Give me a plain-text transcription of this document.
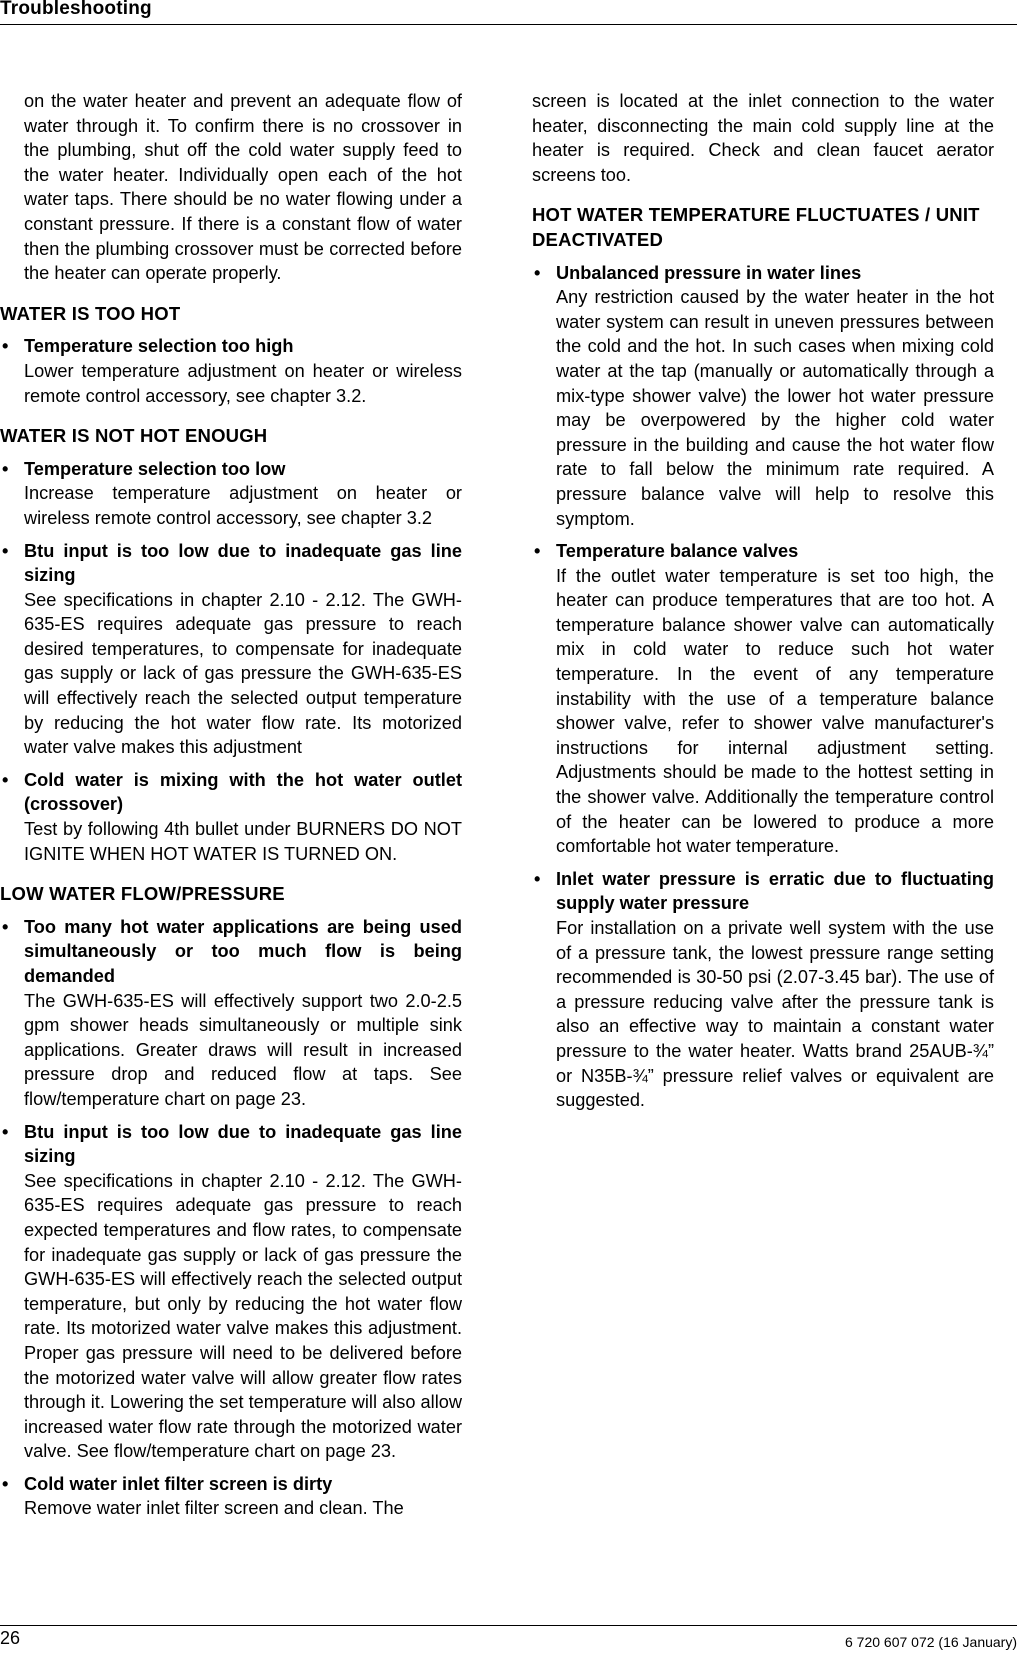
Troubleshooting

on the water heater and prevent an adequate flow of water through it. To confirm there is no crossover in the plumbing, shut off the cold water supply feed to the water heater. Individually open each of the hot water taps. There should be no water flowing under a constant pressure. If there is a constant flow of water then the plumbing crossover must be corrected before the heater can operate properly.

WATER IS TOO HOT
• Temperature selection too high

Lower temperature adjustment on heater or wireless remote control accessory, see chapter 3.2.

WATER IS NOT HOT ENOUGH
• Temperature selection too low

Increase temperature adjustment on heater or wireless remote control accessory, see chapter 3.2

• Btu input is too low due to inadequate gas line sizing

See specifications in chapter 2.10 - 2.12. The GWH-635-ES requires adequate gas pressure to reach desired temperatures, to compensate for inadequate gas supply or lack of gas pressure the GWH-635-ES will effectively reach the selected output temperature by reducing the hot water flow rate. Its motorized water valve makes this adjustment

• Cold water is mixing with the hot water outlet (crossover)

Test by following 4th bullet under BURNERS DO NOT IGNITE WHEN HOT WATER IS TURNED ON.

LOW WATER FLOW/PRESSURE
• Too many hot water applications are being used simultaneously or too much flow is being demanded

The GWH-635-ES will effectively support two 2.0-2.5 gpm shower heads simultaneously or multiple sink applications. Greater draws will result in increased pressure drop and reduced flow at taps. See flow/temperature chart on page 23.

• Btu input is too low due to inadequate gas line sizing

See specifications in chapter 2.10 - 2.12. The GWH-635-ES requires adequate gas pressure to reach expected temperatures and flow rates, to compensate for inadequate gas supply or lack of gas pressure the GWH-635-ES will effectively reach the selected output temperature, but only by reducing the hot water flow rate. Its motorized water valve makes this adjustment. Proper gas pressure will need to be delivered before the motorized water valve will allow greater flow rates through it. Lowering the set temperature will also allow increased water flow rate through the motorized water valve. See flow/temperature chart on page 23.

• Cold water inlet filter screen is dirty

Remove water inlet filter screen and clean. The

screen is located at the inlet connection to the water heater, disconnecting the main cold supply line at the heater is required. Check and clean faucet aerator screens too.

HOT WATER TEMPERATURE FLUCTUATES / UNIT DEACTIVATED
• Unbalanced pressure in water lines

Any restriction caused by the water heater in the hot water system can result in uneven pressures between the cold and the hot. In such cases when mixing cold water at the tap (manually or automatically through a mix-type shower valve) the lower hot water pressure may be overpowered by the higher cold water pressure in the building and cause the hot water flow rate to fall below the minimum rate required. A pressure balance valve will help to resolve this symptom.

• Temperature balance valves

If the outlet water temperature is set too high, the heater can produce temperatures that are too hot. A temperature balance shower valve can automatically mix in cold water to reduce such hot water temperature. In the event of any temperature instability with the use of a temperature balance shower valve, refer to shower valve manufacturer's instructions for internal adjustment setting. Adjustments should be made to the hottest setting in the shower valve. Additionally the temperature control of the heater can be lowered to produce a more comfortable hot water temperature.

• Inlet water pressure is erratic due to fluctuating supply water pressure

For installation on a private well system with the use of a pressure tank, the lowest pressure range setting recommended is 30-50 psi (2.07-3.45 bar). The use of a pressure reducing valve after the pressure tank is also an effective way to maintain a constant water pressure to the water heater. Watts brand 25AUB-¾” or N35B-¾” pressure relief valves or equivalent are suggested.

26	6 720 607 072 (16 January)
